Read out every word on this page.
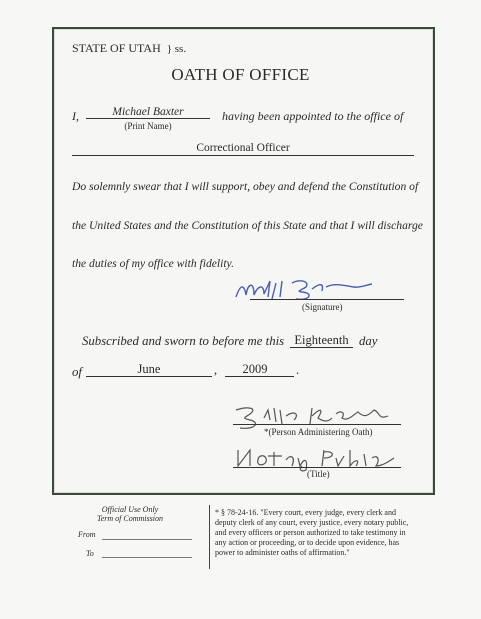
STATE OF UTAH } ss.
OATH OF OFFICE
I,	Michael Baxter
(Print Name)
having been appointed to the office of
Correctional Officer
Do solemnly swear that I will support, obey and defend the Constitution of
the United States and the Constitution of this State and that I will discharge
the duties of my office with fidelity.
(Signature)
Subscribed and sworn to before me this Eighteenth day
of	June	,	2009	.
*(Person Administering Oath)
(Title)
Official Use Only
Term of Commission
From
To
* § 78-24-16. "Every court, every judge, every clerk and
deputy clerk of any court, every justice, every notary public,
and every officers or person authorized to take testimony in
any action or proceeding, or to decide upon evidence, has
power to administer oaths of affirmation."
